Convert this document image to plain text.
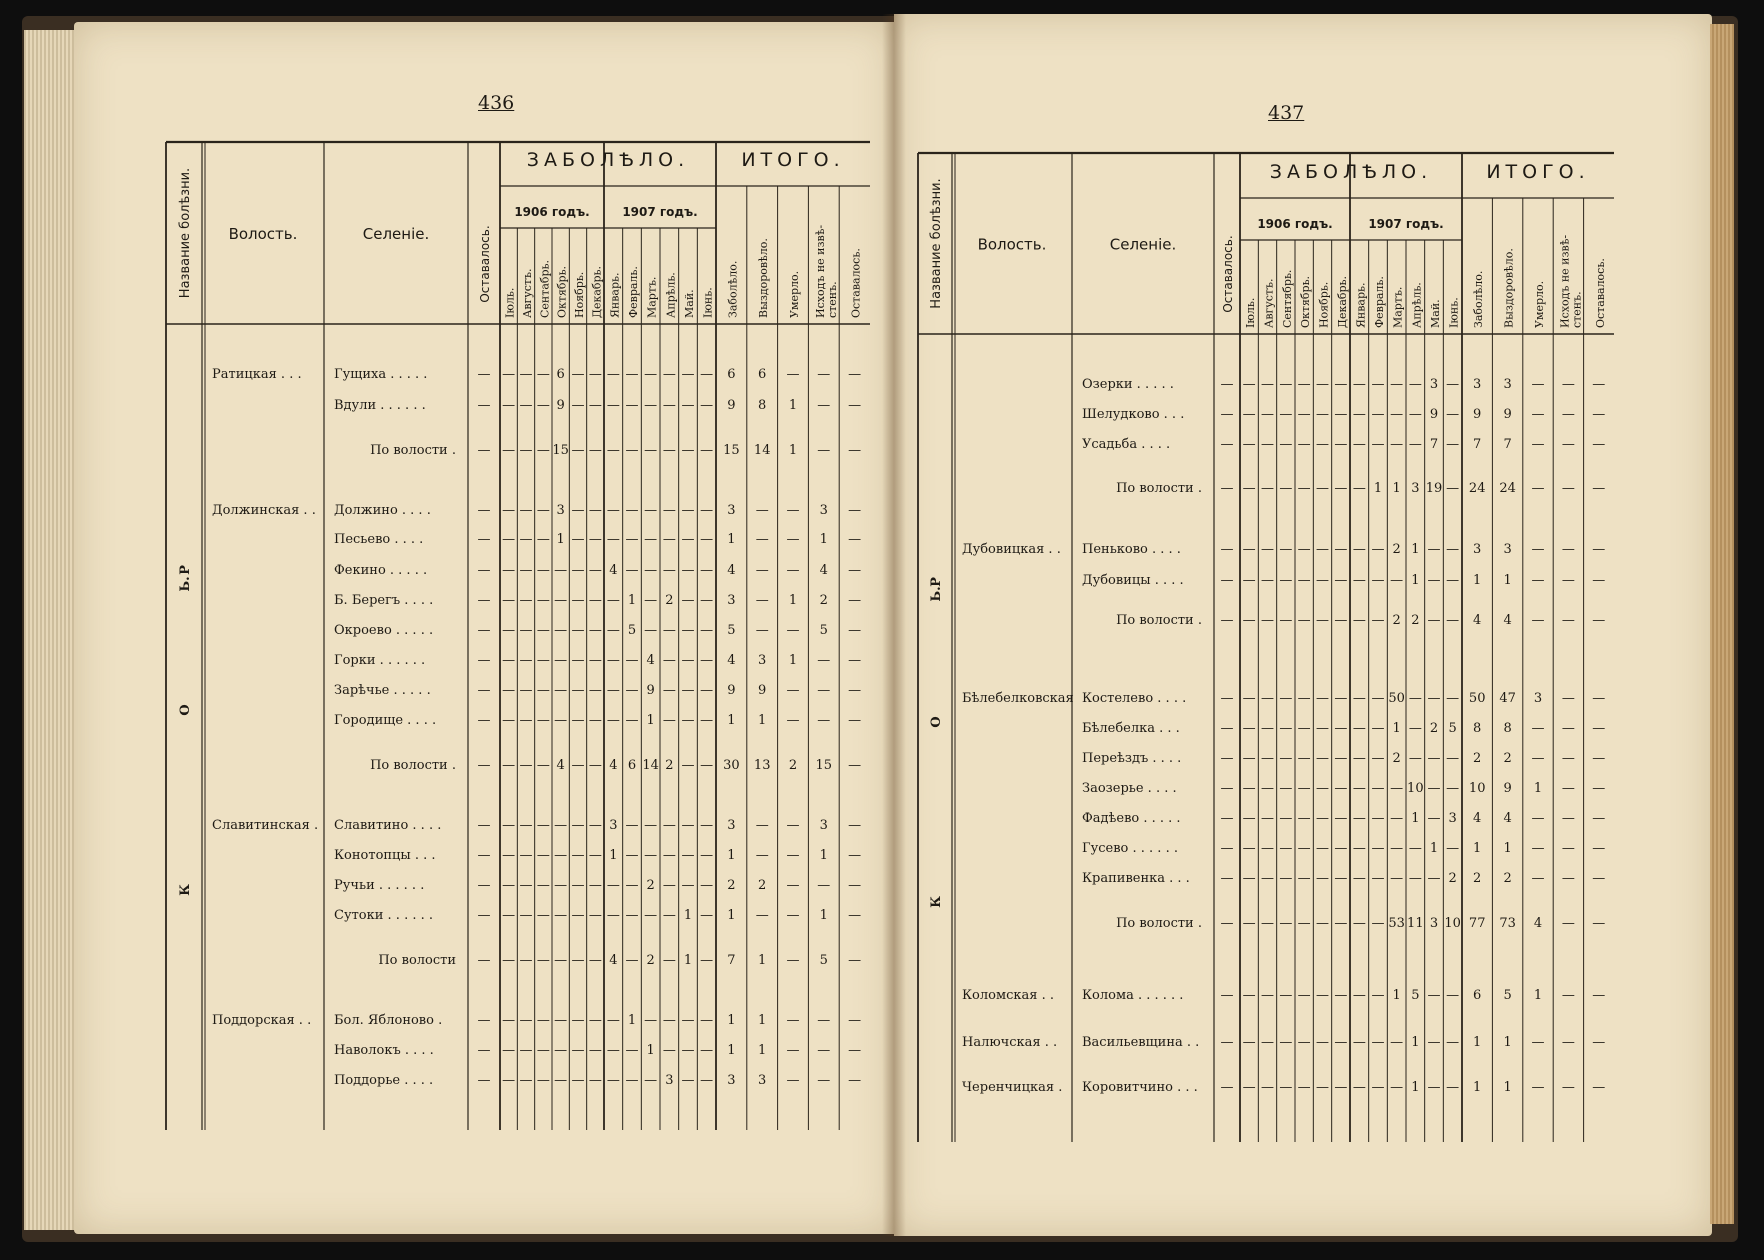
436	437
Название болѣзни. Волость.	Селеніе.	Оставалось.
ЗАБОЛѢЛО.	ИТОГО.
1906 годъ.	1907 годъ.
Іюль. Августъ. Сентабрь. Октябрь. Ноябрь. Декабрь. Январь. Февраль. Мартъ. Апрѣль. Май. Іюнь. Заболѣло. Выздоровѣло. Умерло. Исходъ не извѣ- стенъ. Оставалось.
К
О
Р
Ь.
Ратицкая . . . Гущиха . . . . .	— — — — 6 — — — — — — — — 6 6 — — —
Вдули . . . . . .	— — — — 9 — — — — — — — — 9 8 1 — —
По волости . — — — — 15 — — — — — — — — 15 14 1 — —
Должинская . . Должино . . . .	— — — — 3 — — — — — — — — 3 — — 3 —
Песьево . . . .	— — — — 1 — — — — — — — — 1 — — 1 —
Фекино . . . . .	— — — — — — — 4 — — — — — 4 — — 4 —
Б. Берегъ . . . .	— — — — — — — — 1 — 2 — — 3 — 1 2 —
Окроево . . . . .	— — — — — — — — 5 — — — — 5 — — 5 —
Горки . . . . . .	— — — — — — — — — 4 — — — 4 3 1 — —
Зарѣчье . . . . .	— — — — — — — — — 9 — — — 9 9 — — —
Городище . . . .	— — — — — — — — — 1 — — — 1 1 — — —
По волости . — — — — 4 — — 4 6 14 2 — — 30 13 2 15 —
Славитинская . Славитино . . . .	— — — — — — — 3 — — — — — 3 — — 3 —
Конотопцы . . .	— — — — — — — 1 — — — — — 1 — — 1 —
Ручьи . . . . . .	— — — — — — — — — 2 — — — 2 2 — — —
Сутоки . . . . . .	— — — — — — — — — — — 1 — 1 — — 1 —
По волости — — — — — — — 4 — 2 — 1 — 7 1 — 5 —
Поддорская . . Бол. Яблоново .	— — — — — — — — 1 — — — — 1 1 — — —
Наволокъ . . . .	— — — — — — — — — 1 — — — 1 1 — — —
Поддорье . . . .	— — — — — — — — — — 3 — — 3 3 — — —
Название болѣзни. Волость.	Селеніе.	Оставалось.
ЗАБОЛѢЛО.	ИТОГО.
1906 годъ.	1907 годъ.
Іюль. Августъ. Сентябрь. Октябрь. Ноябрь. Декабрь. Январь. Февраль. Мартъ. Апрѣль. Май. Іюнь. Заболѣло. Выздоровѣло. Умерло. Исходъ не извѣ- стенъ. Оставалось.
К
О
Р
Ь.
Озерки . . . . .	— — — — — — — — — — — 3 — 3 3 — — —
Шелудково . . .	— — — — — — — — — — — 9 — 9 9 — — —
Усадьба . . . .	— — — — — — — — — — — 7 — 7 7 — — —
По волости . — — — — — — — — 1 1 3 19 — 24 24 — — —
Дубовицкая . . Пеньково . . . .	— — — — — — — — — 2 1 — — 3 3 — — —
Дубовицы . . . .	— — — — — — — — — — 1 — — 1 1 — — —
По волости . — — — — — — — — — 2 2 — — 4 4 — — —
Бѣлебелковская Костелево . . . .	— — — — — — — — — 50 — — — 50 47 3 — —
Бѣлебелка . . .	— — — — — — — — — 1 — 2 5 8 8 — — —
Перeѣздъ . . . .	— — — — — — — — — 2 — — — 2 2 — — —
Заозерье . . . .	— — — — — — — — — — 10 — — 10 9 1 — —
Фадѣево . . . . .	— — — — — — — — — — 1 — 3 4 4 — — —
Гусево . . . . . .	— — — — — — — — — — — 1 — 1 1 — — —
Крапивенка . . . — — — — — — — — — — — — 2 2 2 — — —
По волости . — — — — — — — — — 53 11 3 10 77 73 4 — —
Коломская . . Колома . . . . . .	— — — — — — — — — 1 5 — — 6 5 1 — —
Налючская . . Васильевщина . . — — — — — — — — — — 1 — — 1 1 — — —
Черенчицкая . Коровитчино . . . — — — — — — — — — — 1 — — 1 1 — — —
